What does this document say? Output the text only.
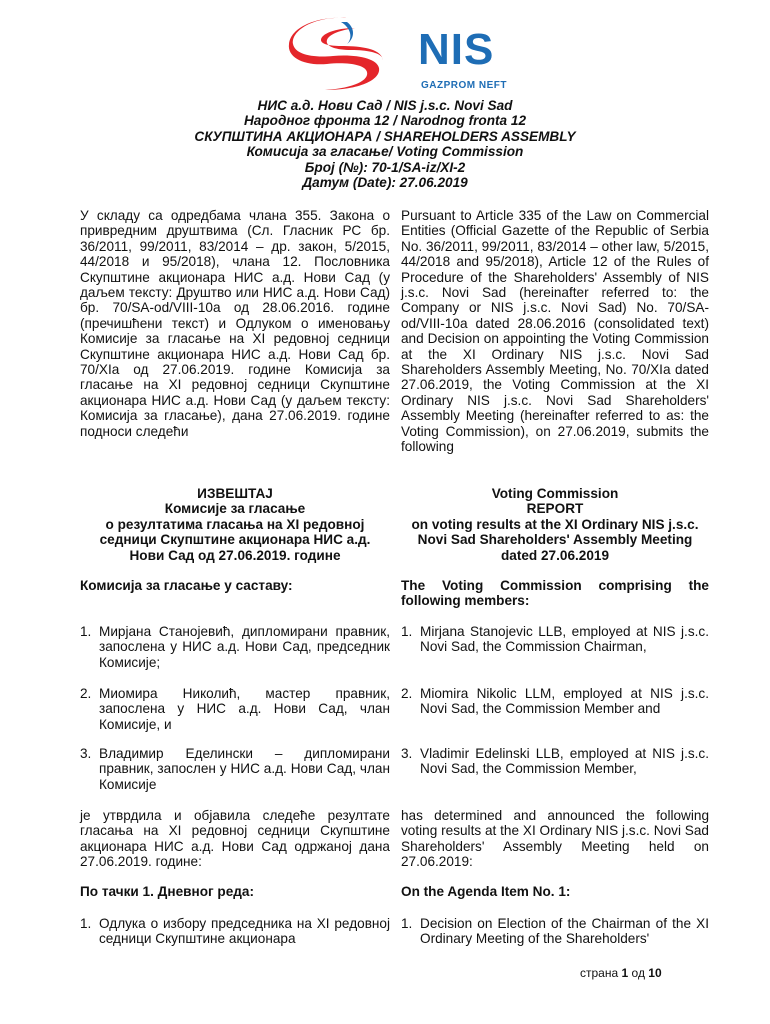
NIS
GAZPROM NEFT
НИС а.д. Нови Сад / NIS j.s.c. Novi Sad
Народног фронта 12 / Narodnog fronta 12
СКУПШТИНА АКЦИОНАРА / SHAREHOLDERS ASSEMBLY
Комисија за гласање/ Voting Commission
Број (№): 70-1/SA-iz/XI-2
Датум (Date): 27.06.2019
У складу са одредбама члана 355. Закона о привредним друштвима (Сл. Гласник РС бр. 36/2011, 99/2011, 83/2014 – др. закон, 5/2015, 44/2018 и 95/2018), члана 12. Пословника Скупштине акционара НИС а.д. Нови Сад (у даљем тексту: Друштво или НИС а.д. Нови Сад) бр. 70/SA-od/VIII-10a од 28.06.2016. године (пречишћени текст) и Одлуком о именовању Комисије за гласање на XI редовној седници Скупштине акционара НИС а.д. Нови Сад бр. 70/XIa од 27.06.2019. године Комисија за гласање на XI редовној седници Скупштине акционара НИС а.д. Нови Сад (у даљем тексту: Комисија за гласање), дана 27.06.2019. године подноси следећи
Pursuant to Article 335 of the Law on Commercial Entities (Official Gazette of the Republic of Serbia No. 36/2011, 99/2011, 83/2014 – other law, 5/2015, 44/2018 and 95/2018), Article 12 of the Rules of Procedure of the Shareholders' Assembly of NIS j.s.c. Novi Sad (hereinafter referred to: the Company or NIS j.s.c. Novi Sad) No. 70/SA-od/VIII-10a dated 28.06.2016 (consolidated text) and Decision on appointing the Voting Commission at the XI Ordinary NIS j.s.c. Novi Sad Shareholders Assembly Meeting, No. 70/XIa dated 27.06.2019, the Voting Commission at the XI Ordinary NIS j.s.c. Novi Sad Shareholders' Assembly Meeting (hereinafter referred to as: the Voting Commission), on 27.06.2019, submits the following
ИЗВЕШТАЈ
Комисије за гласање
о резултатима гласања на XI редовној
седници Скупштине акционара НИС а.д.
Нови Сад од 27.06.2019. године
Voting Commission
REPORT
on voting results at the XI Ordinary NIS j.s.c.
Novi Sad Shareholders' Assembly Meeting
dated 27.06.2019
Комисија за гласање у саставу:	The Voting Commission comprising the following members:
1. Мирјана Станојевић, дипломирани правник, запослена у НИС а.д. Нови Сад, председник Комисије;
2. Миомира Николић, мастер правник, запослена у НИС а.д. Нови Сад, члан Комисије, и
3. Владимир Еделински – дипломирани правник, запослен у НИС а.д. Нови Сад, члан Комисије
1. Mirjana Stanojevic LLB, employed at NIS j.s.c. Novi Sad, the Commission Chairman,
2. Miomira Nikolic LLM, employed at NIS j.s.c. Novi Sad, the Commission Member and
3. Vladimir Edelinski LLB, employed at NIS j.s.c. Novi Sad, the Commission Member,
је утврдила и објавила следеће резултате гласања на XI редовној седници Скупштине акционара НИС а.д. Нови Сад одржаној дана 27.06.2019. године:
has determined and announced the following voting results at the XI Ordinary NIS j.s.c. Novi Sad Shareholders' Assembly Meeting held on 27.06.2019:
По тачки 1. Дневног реда:	On the Agenda Item No. 1:
1. Одлука о избору председника на XI редовној седници Скупштине акционара
1. Decision on Election of the Chairman of the XI Ordinary Meeting of the Shareholders'
страна 1 од 10
